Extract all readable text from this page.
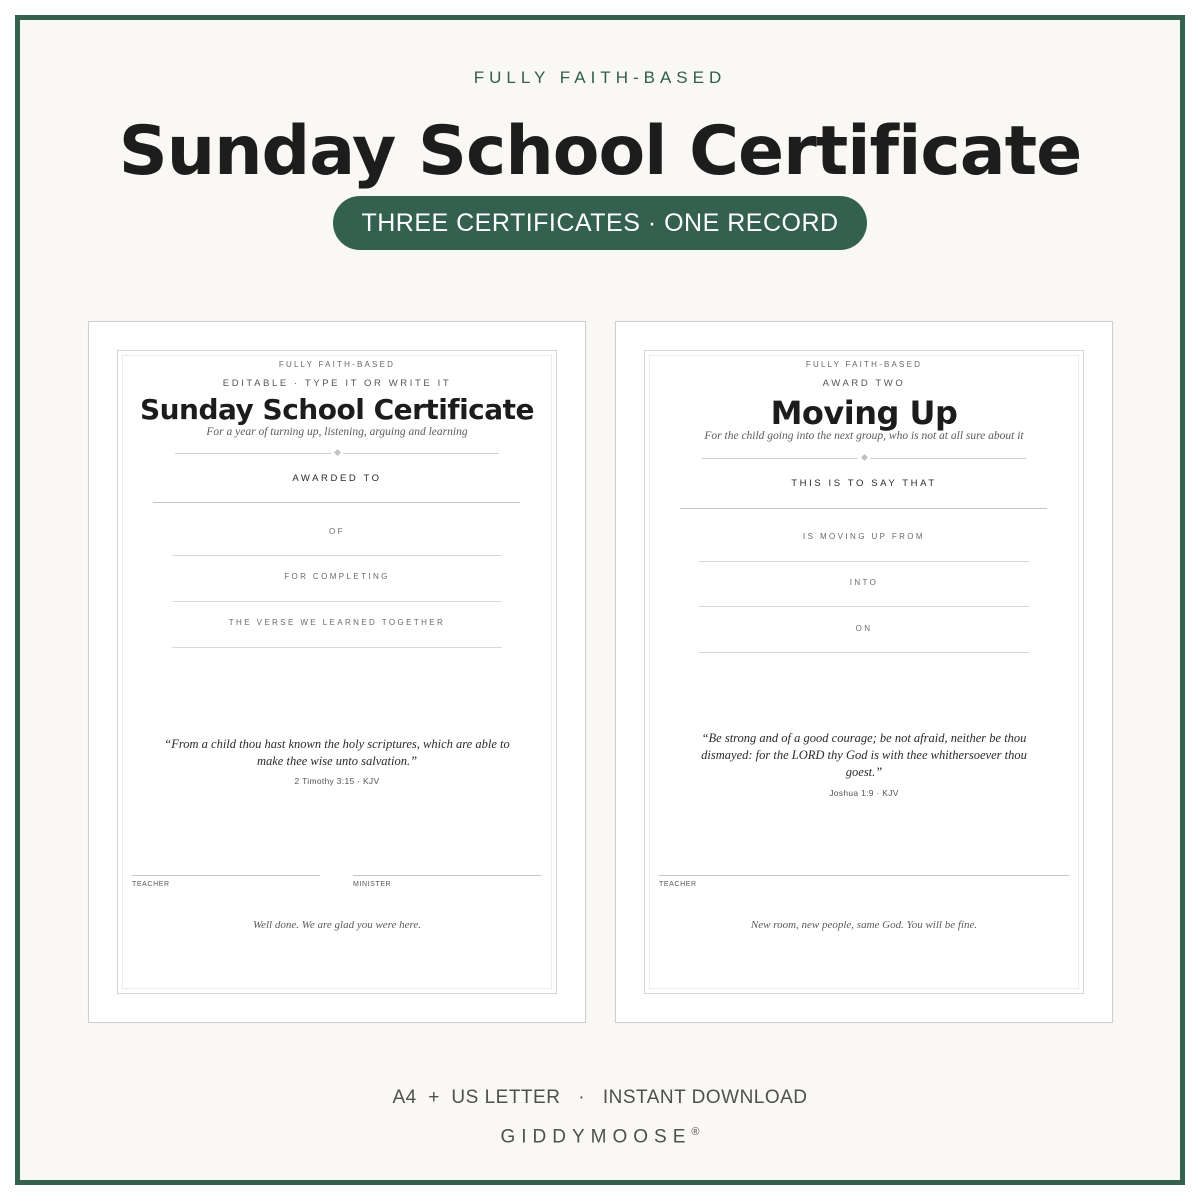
FULLY FAITH-BASED
Sunday School Certificate
THREE CERTIFICATES · ONE RECORD
FULLY FAITH-BASED
EDITABLE · TYPE IT OR WRITE IT
Sunday School Certificate
For a year of turning up, listening, arguing and learning
AWARDED TO
OF
FOR COMPLETING
THE VERSE WE LEARNED TOGETHER
“From a child thou hast known the holy scriptures, which are able to
make thee wise unto salvation.”
2 Timothy 3:15 · KJV
TEACHER	MINISTER
Well done. We are glad you were here.
FULLY FAITH-BASED
AWARD TWO
Moving Up
For the child going into the next group, who is not at all sure about it
THIS IS TO SAY THAT
IS MOVING UP FROM
INTO
ON
“Be strong and of a good courage; be not afraid, neither be thou
dismayed: for the LORD thy God is with thee whithersoever thou
goest.”
Joshua 1:9 · KJV
TEACHER
New room, new people, same God. You will be fine.
A4  +  US LETTER · INSTANT DOWNLOAD
GIDDYMOOSE®
